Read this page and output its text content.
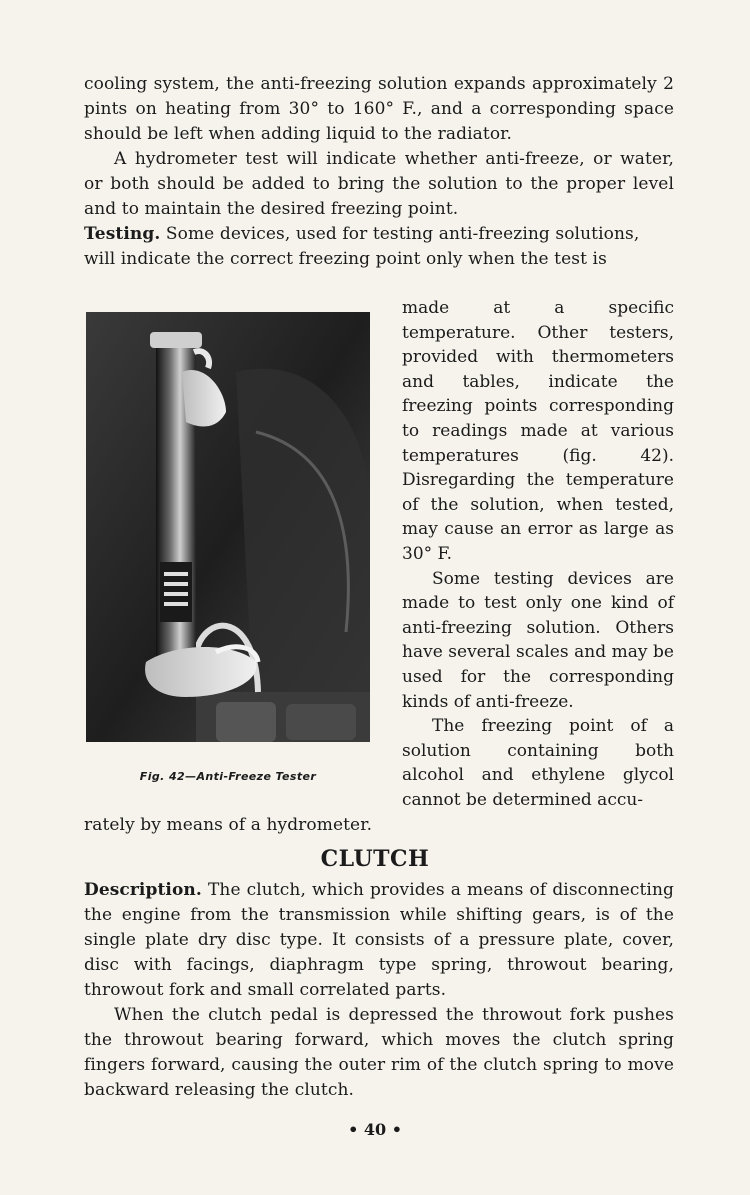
cooling system, the anti-freezing solution expands approximately 2 pints on heating from 30° to 160° F., and a corresponding space should be left when adding liquid to the radiator.

A hydrometer test will indicate whether anti-freeze, or water, or both should be added to bring the solution to the proper level and to maintain the desired freezing point.

Testing. Some devices, used for testing anti-freezing solutions,

will indicate the correct freezing point only when the test is

Fig. 42—Anti-Freeze Tester

made at a specific temperature. Other testers, provided with thermometers and tables, indicate the freezing points corresponding to readings made at various temperatures (fig. 42). Disregarding the temperature of the solution, when tested, may cause an error as large as 30° F.

Some testing devices are made to test only one kind of anti-freezing solution. Others have several scales and may be used for the corresponding kinds of anti-freeze.

The freezing point of a solution containing both alcohol and ethylene glycol cannot be determined accu-

rately by means of a hydrometer.
CLUTCH

Description. The clutch, which provides a means of disconnecting the engine from the transmission while shifting gears, is of the single plate dry disc type. It consists of a pressure plate, cover, disc with facings, diaphragm type spring, throwout bearing, throwout fork and small correlated parts.

When the clutch pedal is depressed the throwout fork pushes the throwout bearing forward, which moves the clutch spring fingers forward, causing the outer rim of the clutch spring to move backward releasing the clutch.

• 40 •
